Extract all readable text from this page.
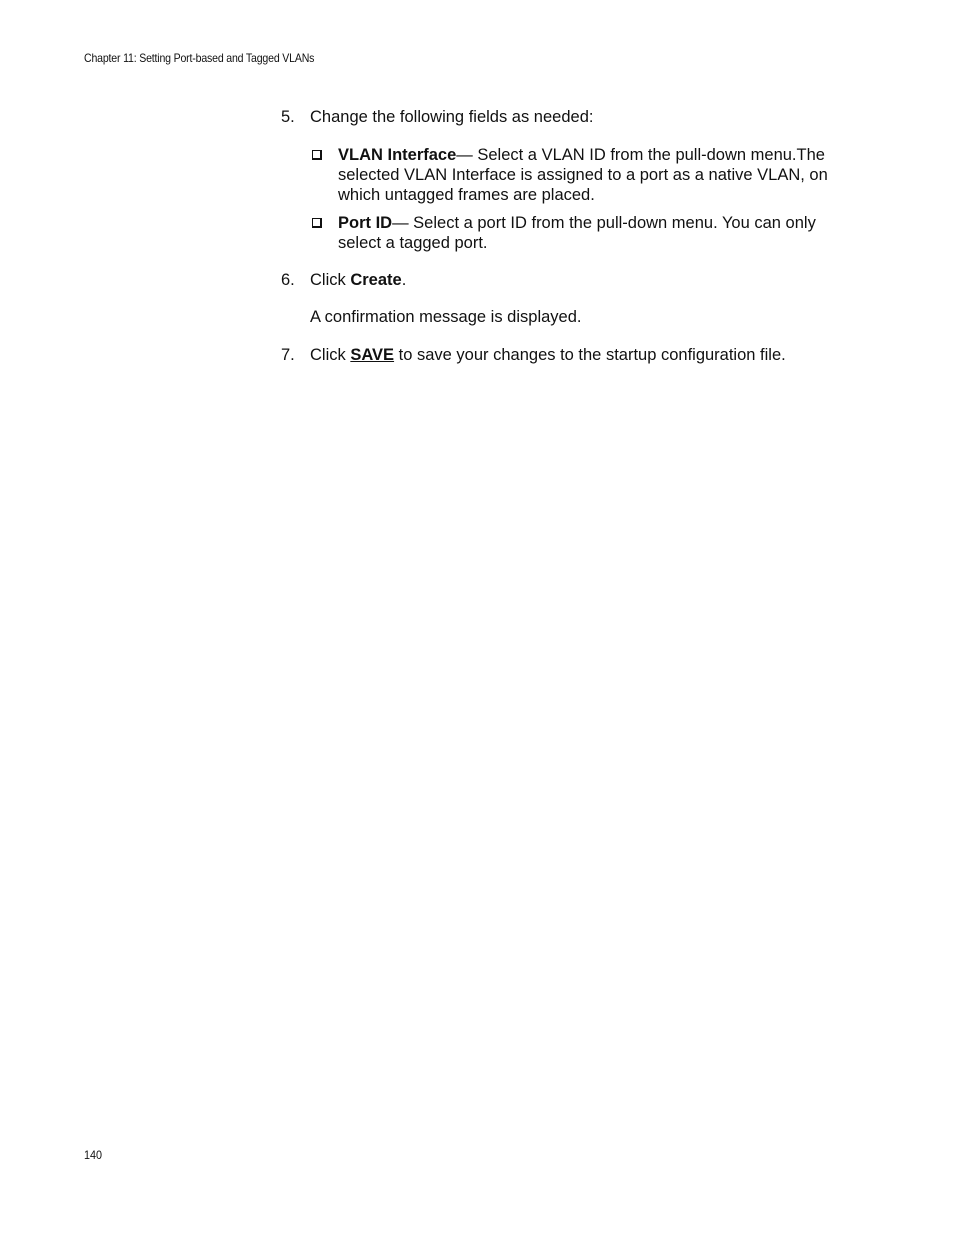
Chapter 11: Setting Port-based and Tagged VLANs
5. Change the following fields as needed:
VLAN Interface— Select a VLAN ID from the pull-down menu.The selected VLAN Interface is assigned to a port as a native VLAN, on which untagged frames are placed.
Port ID— Select a port ID from the pull-down menu. You can only select a tagged port.
6. Click Create.
A confirmation message is displayed.
7. Click SAVE to save your changes to the startup configuration file.
140
